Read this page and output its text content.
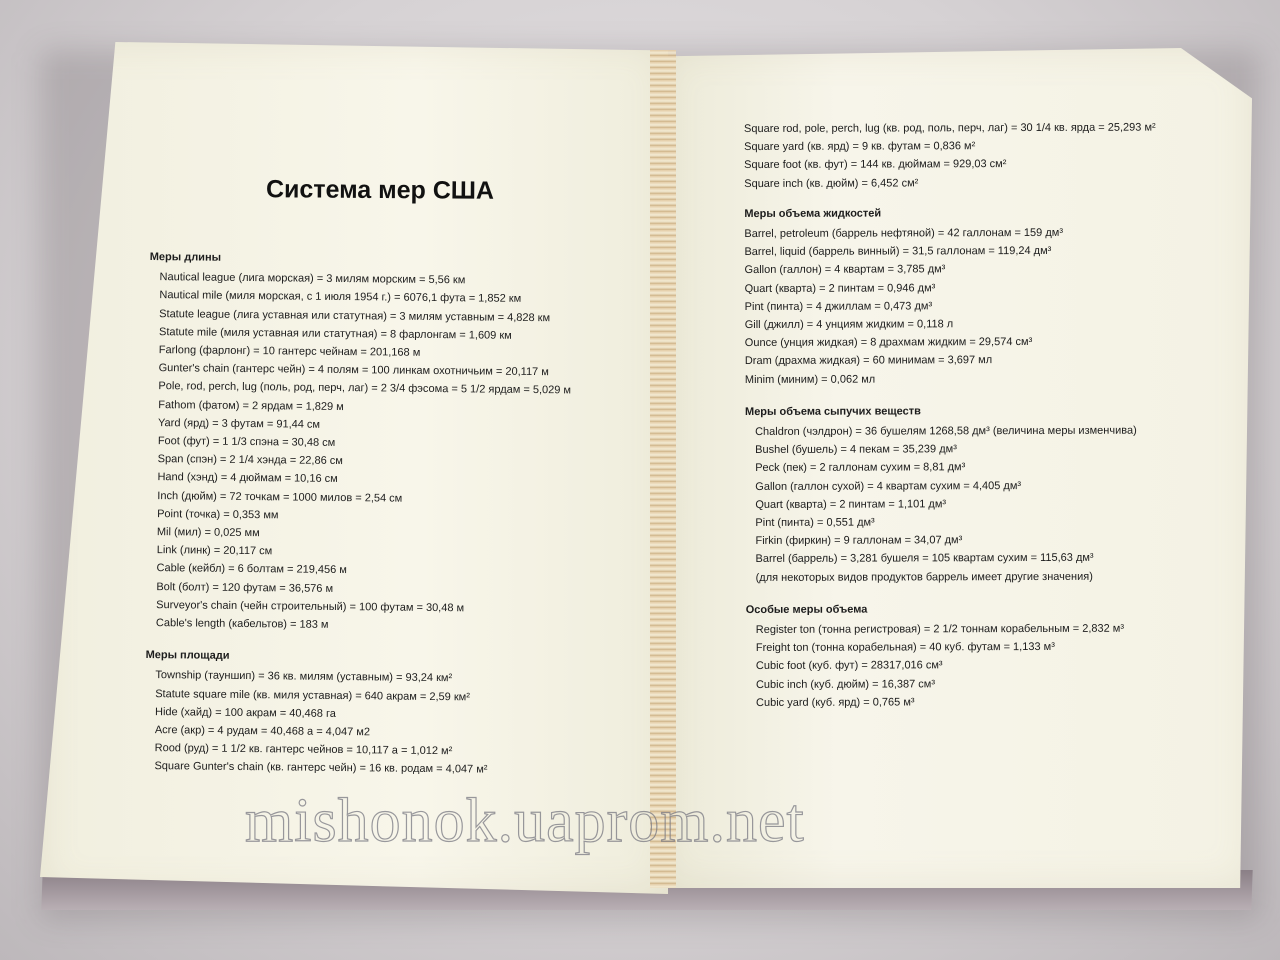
Система мер США
Меры длины
Nautical league (лига морская) = 3 милям морским = 5,56 км
Nautical mile (миля морская, с 1 июля 1954 г.) = 6076,1 фута = 1,852 км
Statute league (лига уставная или статутная) = 3 милям уставным = 4,828 км
Statute mile (миля уставная или статутная) = 8 фарлонгам = 1,609 км
Farlong (фарлонг) = 10 гантерс чейнам = 201,168 м
Gunter's chain (гантерс чейн) = 4 полям = 100 линкам охотничьим = 20,117 м
Pole, rod, perch, lug (поль, род, перч, лаг) = 2 3/4 фэсома = 5 1/2 ярдам = 5,029 м
Fathom (фатом) = 2 ярдам = 1,829 м
Yard (ярд) = 3 футам = 91,44 см
Foot (фут) = 1 1/3 спэна = 30,48 см
Span (спэн) = 2 1/4 хэнда = 22,86 см
Hand (хэнд) = 4 дюймам = 10,16 см
Inch (дюйм) = 72 точкам = 1000 милов = 2,54 см
Point (точка) = 0,353 мм
Mil (мил) = 0,025 мм
Link (линк) = 20,117 см
Cable (кейбл) = 6 болтам = 219,456 м
Bolt (болт) = 120 футам = 36,576 м
Surveyor's chain (чейн строительный) = 100 футам = 30,48 м
Cable's length (кабельтов) = 183 м
Меры площади
Township (тауншип) = 36 кв. милям (уставным) = 93,24 км²
Statute square mile (кв. миля уставная) = 640 акрам = 2,59 км²
Hide (хайд) = 100 акрам = 40,468 га
Acre (акр) = 4 рудам = 40,468 а = 4,047 м2
Rood (руд) = 1 1/2 кв. гантерс чейнов = 10,117 а = 1,012 м²
Square Gunter's chain (кв. гантерс чейн) = 16 кв. родам = 4,047 м²
Square rod, pole, perch, lug (кв. род, поль, перч, лаг) = 30 1/4 кв. ярда = 25,293 м²
Square yard (кв. ярд) = 9 кв. футам = 0,836 м²
Square foot (кв. фут) = 144 кв. дюймам = 929,03 см²
Square inch (кв. дюйм) = 6,452 см²
Меры объема жидкостей
Barrel, petroleum (баррель нефтяной) = 42 галлонам = 159 дм³
Barrel, liquid (баррель винный) = 31,5 галлонам = 119,24 дм³
Gallon (галлон) = 4 квартам = 3,785 дм³
Quart (кварта) = 2 пинтам = 0,946 дм³
Pint (пинта) = 4 джиллам = 0,473 дм³
Gill (джилл) = 4 унциям жидким = 0,118 л
Ounce (унция жидкая) = 8 драхмам жидким = 29,574 см³
Dram (драхма жидкая) = 60 минимам = 3,697 мл
Minim (миним) = 0,062 мл
Меры объема сыпучих веществ
Chaldron (чэлдрон) = 36 бушелям 1268,58 дм³ (величина меры изменчива)
Bushel (бушель) = 4 пекам = 35,239 дм³
Peck (пек) = 2 галлонам сухим = 8,81 дм³
Gallon (галлон сухой) = 4 квартам сухим = 4,405 дм³
Quart (кварта) = 2 пинтам = 1,101 дм³
Pint (пинта) = 0,551 дм³
Firkin (фиркин) = 9 галлонам = 34,07 дм³
Barrel (баррель) = 3,281 бушеля = 105 квартам сухим = 115,63 дм³
(для некоторых видов продуктов баррель имеет другие значения)
Особые меры объема
Register ton (тонна регистровая) = 2 1/2 тоннам корабельным = 2,832 м³
Freight ton (тонна корабельная) = 40 куб. футам = 1,133 м³
Cubic foot (куб. фут) = 28317,016 см³
Cubic inch (куб. дюйм) = 16,387 см³
Cubic yard (куб. ярд) = 0,765 м³
mishonok.uaprom.net
